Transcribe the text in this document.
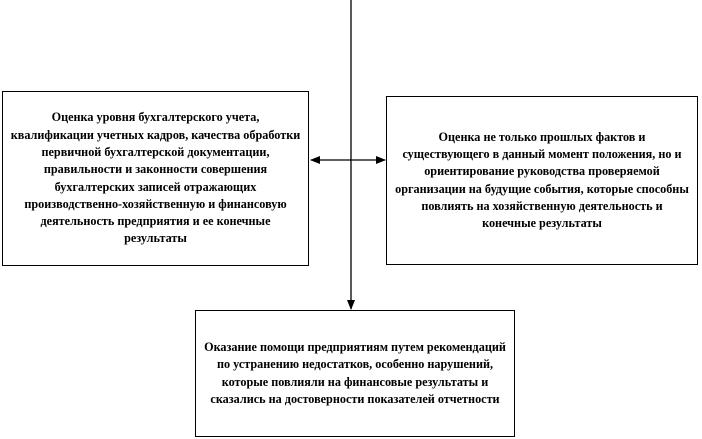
Оценка уровня бухгалтерского учета, квалификации учетных кадров, качества обработки первичной бухгалтерской документации, правильности и законности совершения бухгалтерских записей отражающих производственно-хозяйственную и финансовую деятельность предприятия и ее конечные результаты
Оценка не только прошлых фактов и существующего в данный момент положения, но и ориентирование руководства проверяемой организации на будущие события, которые способны повлиять на хозяйственную деятельность и конечные результаты
Оказание помощи предприятиям путем рекомендаций по устранению недостатков, особенно нарушений, которые повлияли на финансовые результаты и сказались на достоверности показателей отчетности
